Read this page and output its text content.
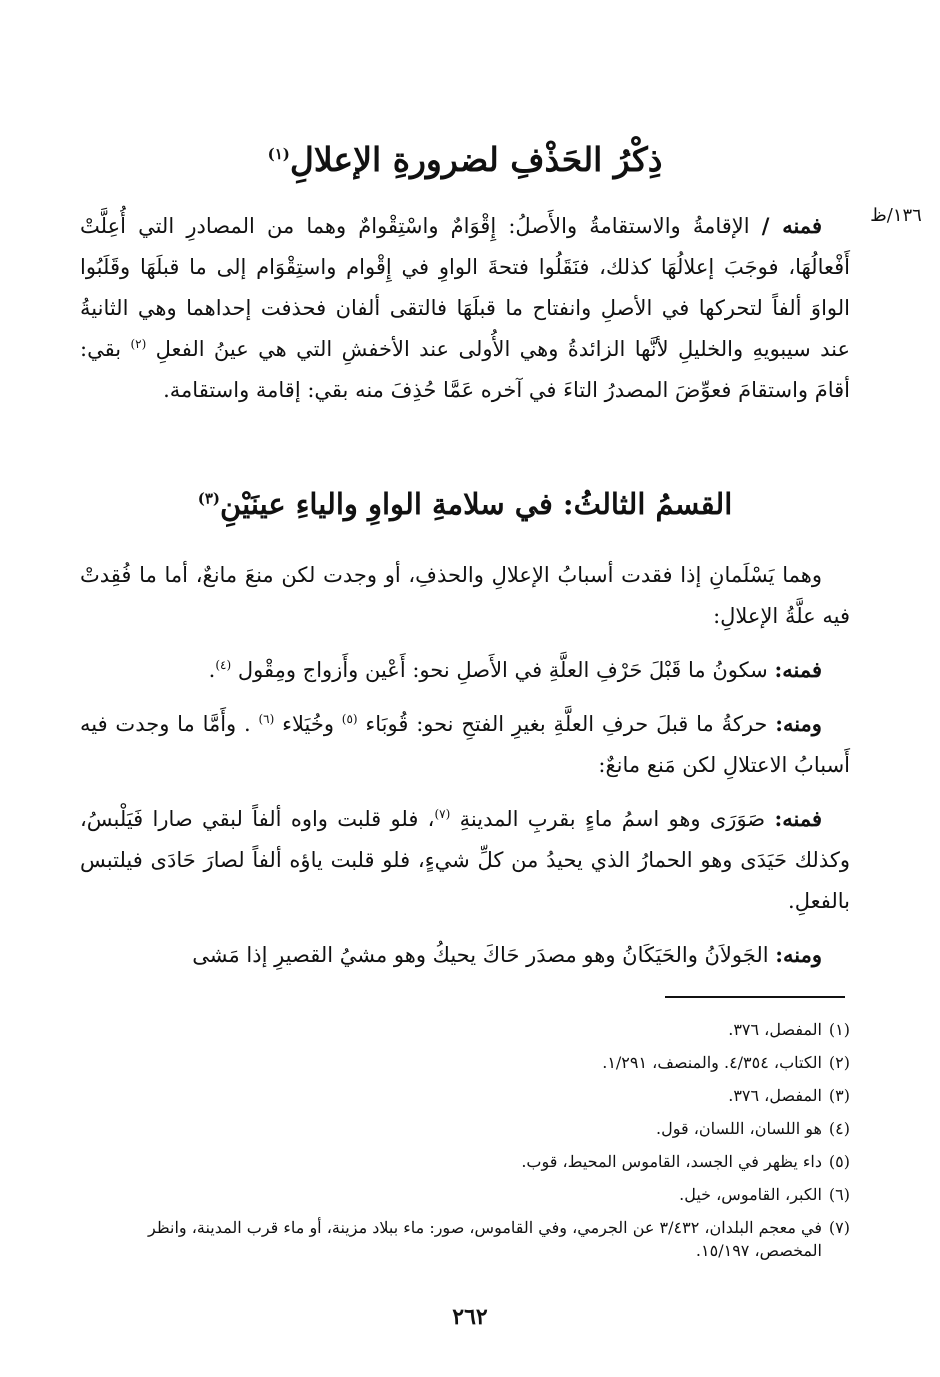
١٣٦/ظ
ذِكْرُ الحَذْفِ لضرورةِ الإعلالِ$^{(١)}$

فمنه / الإقامةُ والاستقامةُ والأَصلُ: إِقْوَامٌ واسْتِقْوامٌ وهما من المصادرِ التي أُعِلَّتْ أَفْعالُهَا، فوجَبَ إعلالُهَا كذلك، فنَقَلُوا فتحةَ الواوِ في إِقْوام واستِقْوَام إلى ما قبلَهَا وقَلَبُوا الواوَ ألفاً لتحركها في الأصلِ وانفتاح ما قبلَهَا فالتقى ألفان فحذفت إحداهما وهي الثانيةُ عند سيبويهِ والخليلِ لأنَّها الزائدةُ وهي الأُولى عند الأخفشِ التي هي عينُ الفعلِ $^{(٢)}$ بقي: أقامَ واستقامَ فعوِّضَ المصدرُ التاءَ في آخره عَمَّا حُذِفَ منه بقي: إقامة واستقامة.

القسمُ الثالثُ: في سلامةِ الواوِ والياءِ عينَيْنِ$^{(٣)}$

وهما يَسْلَمانِ إذا فقدت أسبابُ الإعلالِ والحذفِ، أو وجدت لكن منعَ مانعٌ، أما ما فُقِدتْ فيه علَّةُ الإعلالِ:

فمنه: سكونُ ما قَبْلَ حَرْفِ العلَّةِ في الأَصلِ نحو: أَعْين وأَزواج ومِقْول $^{(٤)}$.

ومنه: حركةُ ما قبلَ حرفِ العلَّةِ بغيرِ الفتحِ نحو: قُوبَاء $^{(٥)}$ وخُيَلاء $^{(٦)}$ . وأَمَّا ما وجدت فيه أَسبابُ الاعتلالِ لكن مَنع مانعٌ:

فمنه: صَوَرَى وهو اسمُ ماءٍ بقربِ المدينةِ $^{(٧)}$، فلو قلبت واوه ألفاً لبقي صارا فَيَلْبسُ، وكذلك حَيَدَى وهو الحمارُ الذي يحيدُ من كلِّ شيءٍ، فلو قلبت ياؤه ألفاً لصارَ حَادَى فيلتبس بالفعلِ.

ومنه: الجَولاَنُ والحَيَكَانُ وهو مصدَر حَاكَ يحيكُ وهو مشيُ القصيرِ إذا مَشى

(١)
المفصل، ٣٧٦.
(٢)
الكتاب، ٤/٣٥٤. والمنصف، ١/٢٩١.
(٣)
المفصل، ٣٧٦.
(٤)
هو اللسان، اللسان، قول.
(٥)
داء يظهر في الجسد، القاموس المحيط، قوب.
(٦)
الكبر، القاموس، خيل.
(٧)
في معجم البلدان، ٣/٤٣٢ عن الجرمي، وفي القاموس، صور: ماء ببلاد مزينة، أو ماء قرب المدينة، وانظر المخصص، ١٥/١٩٧.
٢٦٢
